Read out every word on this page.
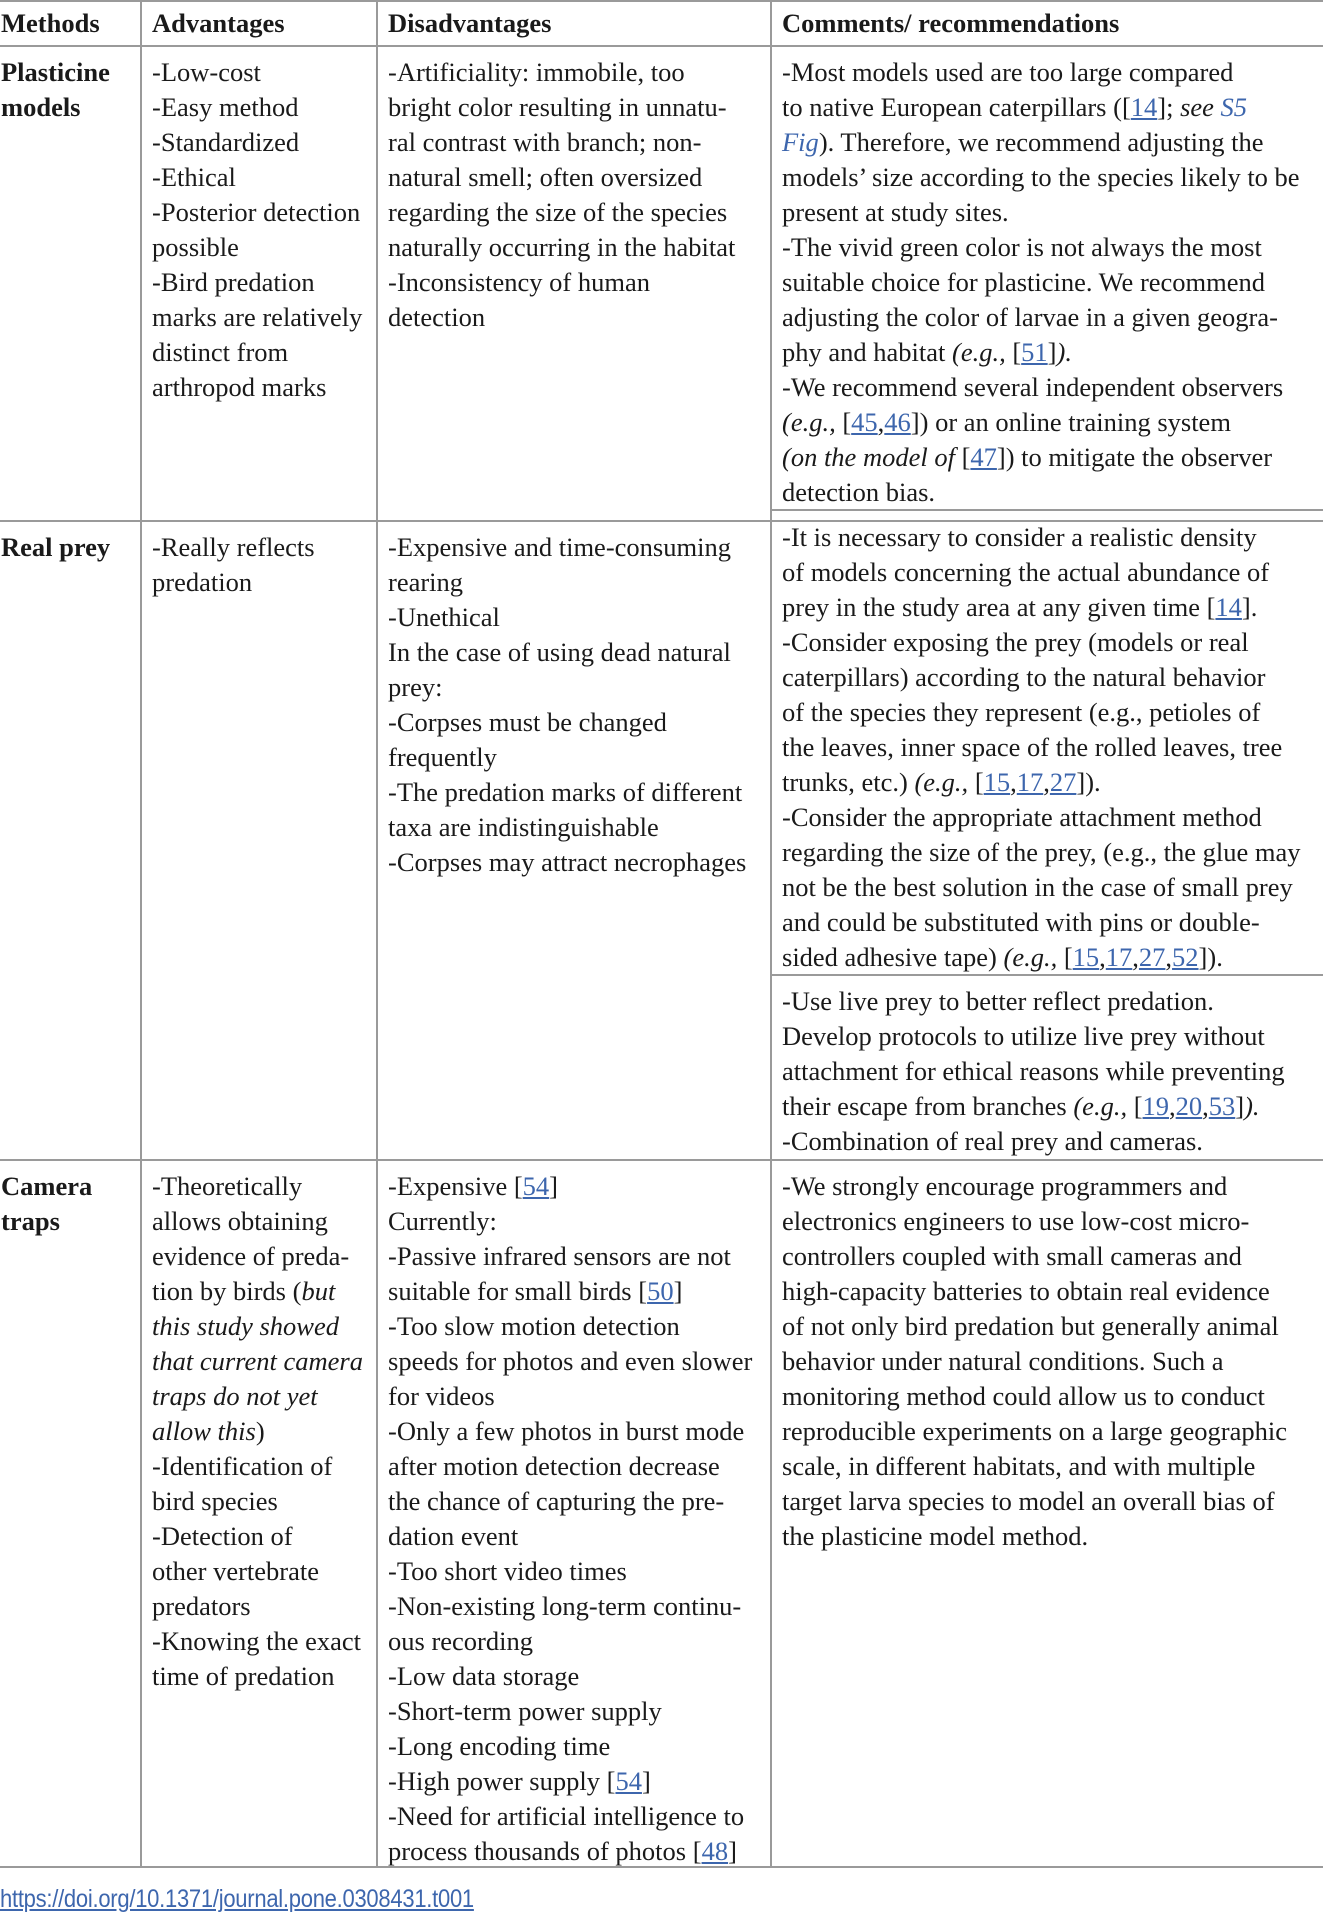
Methods Advantages	Disadvantages	Comments/ recommendations
Plasticine
models
-Low-cost
-Easy method
-Standardized
-Ethical
-Posterior detection
possible
-Bird predation
marks are relatively
distinct from
arthropod marks
-Artificiality: immobile, too
bright color resulting in unnatu-
ral contrast with branch; non-
natural smell; often oversized
regarding the size of the species
naturally occurring in the habitat
-Inconsistency of human
detection
-Most models used are too large compared
to native European caterpillars ([14]; see S5
Fig). Therefore, we recommend adjusting the
models’ size according to the species likely to be
present at study sites.
-The vivid green color is not always the most
suitable choice for plasticine. We recommend
adjusting the color of larvae in a given geogra-
phy and habitat (e.g., [51]).
-We recommend several independent observers
(e.g., [45,46]) or an online training system
(on the model of [47]) to mitigate the observer
detection bias.
Real prey -Really reflects
predation
-Expensive and time-consuming
rearing
-Unethical
In the case of using dead natural
prey:
-Corpses must be changed
frequently
-The predation marks of different
taxa are indistinguishable
-Corpses may attract necrophages
-It is necessary to consider a realistic density
of models concerning the actual abundance of
prey in the study area at any given time [14].
-Consider exposing the prey (models or real
caterpillars) according to the natural behavior
of the species they represent (e.g., petioles of
the leaves, inner space of the rolled leaves, tree
trunks, etc.) (e.g., [15,17,27]).
-Consider the appropriate attachment method
regarding the size of the prey, (e.g., the glue may
not be the best solution in the case of small prey
and could be substituted with pins or double-
sided adhesive tape) (e.g., [15,17,27,52]).
-Use live prey to better reflect predation.
Develop protocols to utilize live prey without
attachment for ethical reasons while preventing
their escape from branches (e.g., [19,20,53]).
-Combination of real prey and cameras.
Camera
traps
-Theoretically
allows obtaining
evidence of preda-
tion by birds (but
this study showed
that current camera
traps do not yet
allow this)
-Identification of
bird species
-Detection of
other vertebrate
predators
-Knowing the exact
time of predation
-Expensive [54]
Currently:
-Passive infrared sensors are not
suitable for small birds [50]
-Too slow motion detection
speeds for photos and even slower
for videos
-Only a few photos in burst mode
after motion detection decrease
the chance of capturing the pre-
dation event
-Too short video times
-Non-existing long-term continu-
ous recording
-Low data storage
-Short-term power supply
-Long encoding time
-High power supply [54]
-Need for artificial intelligence to
process thousands of photos [48]
-We strongly encourage programmers and
electronics engineers to use low-cost micro-
controllers coupled with small cameras and
high-capacity batteries to obtain real evidence
of not only bird predation but generally animal
behavior under natural conditions. Such a
monitoring method could allow us to conduct
reproducible experiments on a large geographic
scale, in different habitats, and with multiple
target larva species to model an overall bias of
the plasticine model method.
https://doi.org/10.1371/journal.pone.0308431.t001
